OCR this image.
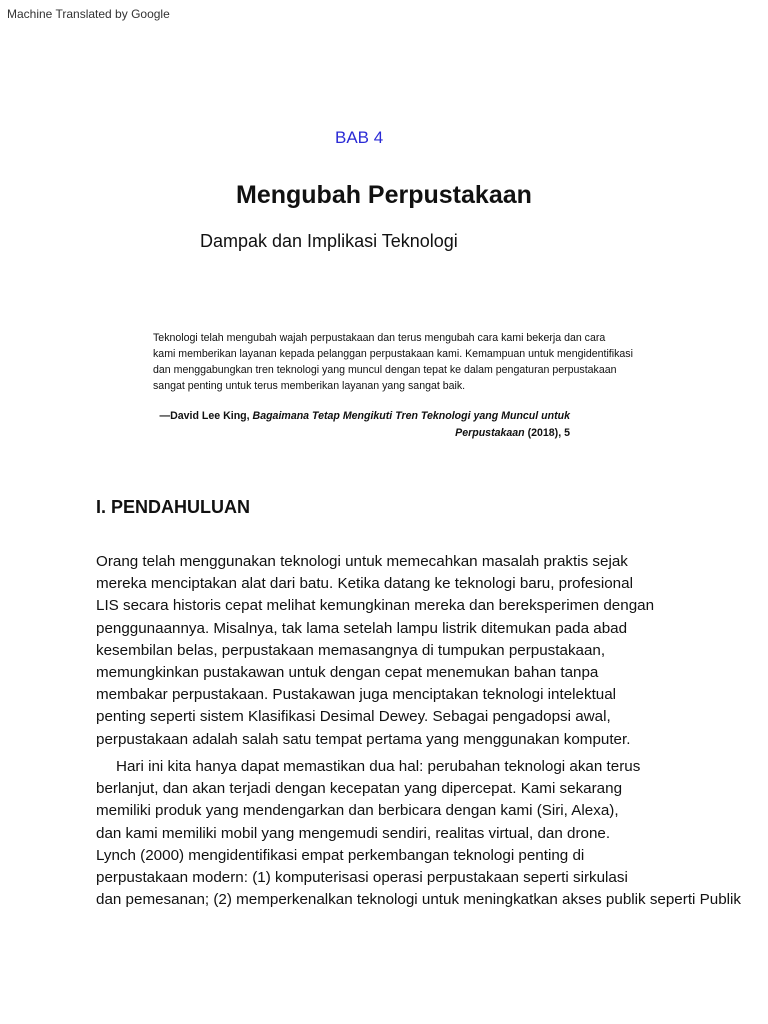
Machine Translated by Google
BAB 4
Mengubah Perpustakaan
Dampak dan Implikasi Teknologi
Teknologi telah mengubah wajah perpustakaan dan terus mengubah cara kami bekerja dan cara
kami memberikan layanan kepada pelanggan perpustakaan kami. Kemampuan untuk mengidentifikasi
dan menggabungkan tren teknologi yang muncul dengan tepat ke dalam pengaturan perpustakaan
sangat penting untuk terus memberikan layanan yang sangat baik.
—David Lee King, Bagaimana Tetap Mengikuti Tren Teknologi yang Muncul untuk
Perpustakaan (2018), 5
I. PENDAHULUAN
Orang telah menggunakan teknologi untuk memecahkan masalah praktis sejak
mereka menciptakan alat dari batu. Ketika datang ke teknologi baru, profesional
LIS secara historis cepat melihat kemungkinan mereka dan bereksperimen dengan
penggunaannya. Misalnya, tak lama setelah lampu listrik ditemukan pada abad
kesembilan belas, perpustakaan memasangnya di tumpukan perpustakaan,
memungkinkan pustakawan untuk dengan cepat menemukan bahan tanpa
membakar perpustakaan. Pustakawan juga menciptakan teknologi intelektual
penting seperti sistem Klasifikasi Desimal Dewey. Sebagai pengadopsi awal,
perpustakaan adalah salah satu tempat pertama yang menggunakan komputer.
Hari ini kita hanya dapat memastikan dua hal: perubahan teknologi akan terus
berlanjut, dan akan terjadi dengan kecepatan yang dipercepat. Kami sekarang
memiliki produk yang mendengarkan dan berbicara dengan kami (Siri, Alexa),
dan kami memiliki mobil yang mengemudi sendiri, realitas virtual, dan drone.
Lynch (2000) mengidentifikasi empat perkembangan teknologi penting di
perpustakaan modern: (1) komputerisasi operasi perpustakaan seperti sirkulasi
dan pemesanan; (2) memperkenalkan teknologi untuk meningkatkan akses publik seperti Publik
